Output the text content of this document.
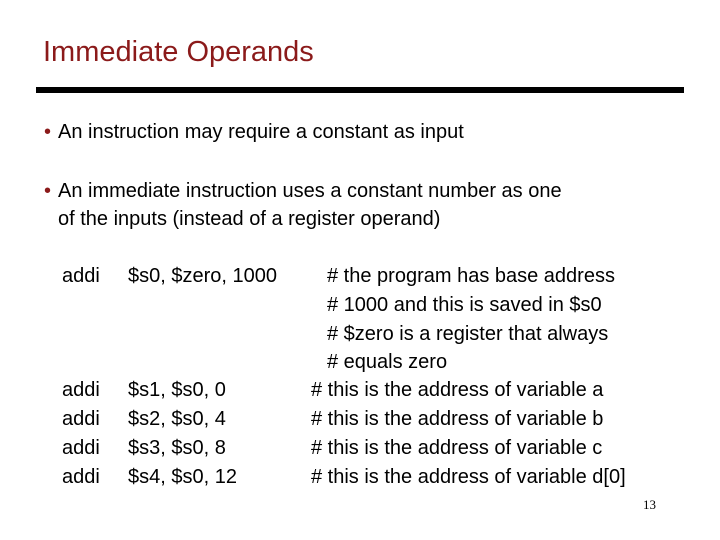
Immediate Operands
• An instruction may require a constant as input
• An immediate instruction uses a constant number as one
of the inputs (instead of a register operand)
addi $s0, $zero, 1000	# the program has base address
# 1000 and this is saved in $s0
# $zero is a register that always
# equals zero
addi $s1, $s0, 0	# this is the address of variable a
addi $s2, $s0, 4	# this is the address of variable b
addi $s3, $s0, 8	# this is the address of variable c
addi $s4, $s0, 12	# this is the address of variable d[0]
13
